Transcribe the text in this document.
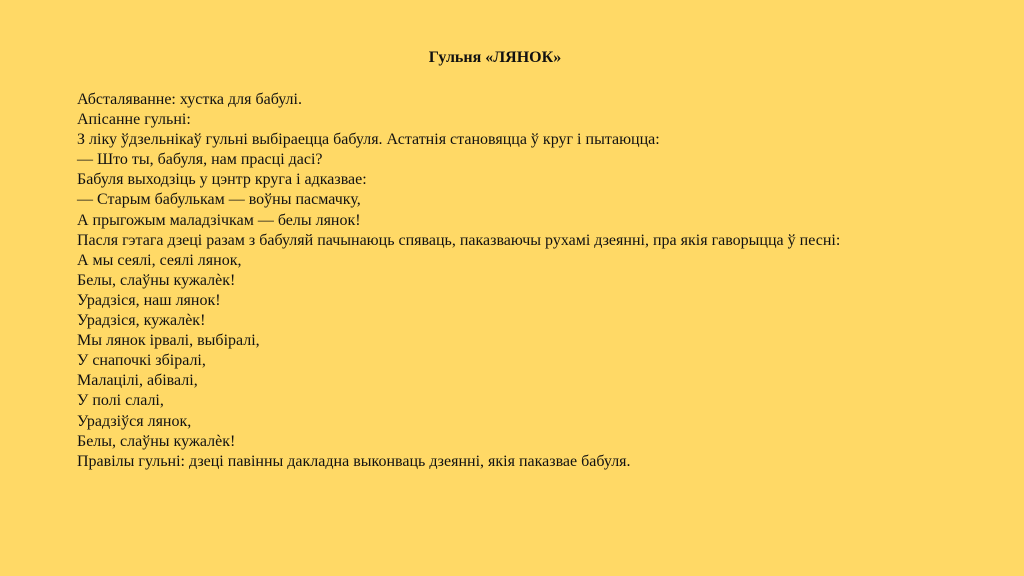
Гульня «ЛЯНОК»
Абсталяванне: хустка для бабулі.
Апісанне гульні:
З ліку ўдзельнікаў гульні выбіраецца бабуля. Астатнія становяцца ў круг і пытаюцца:
— Што ты, бабуля, нам прасці дасі?
Бабуля выходзіць у цэнтр круга і адказвае:
— Старым бабулькам — воўны пасмачку,
А прыгожым маладзічкам — белы лянок!
Пасля гэтага дзеці разам з бабуляй пачынаюць спяваць, паказваючы рухамі дзеянні, пра якія гаворыцца ў песні:
А мы сеялі, сеялі лянок,
Белы, слаўны кужалѐк!
Урадзіся, наш лянок!
Урадзіся, кужалѐк!
Мы лянок ірвалі, выбіралі,
У снапочкі збіралі,
Малацілі, абівалі,
У полі слалі,
Урадзіўся лянок,
Белы, слаўны кужалѐк!
Правілы гульні: дзеці павінны дакладна выконваць дзеянні, якія паказвае бабуля.
